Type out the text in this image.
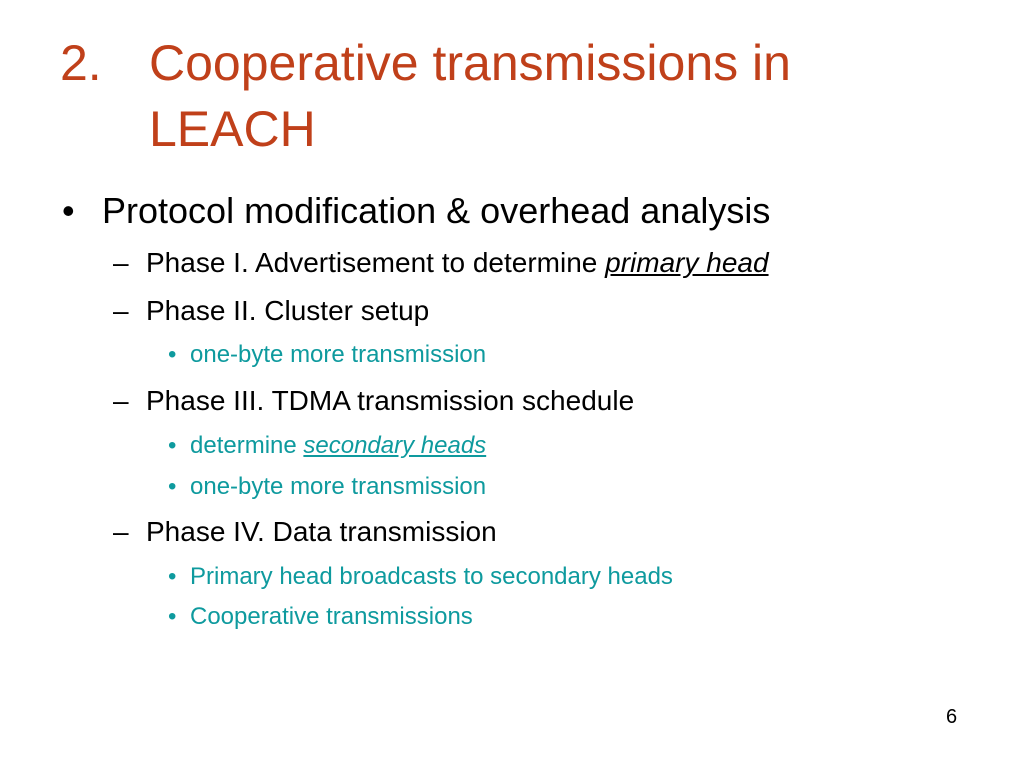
2. Cooperative transmissions in
LEACH
• Protocol modification & overhead analysis
– Phase I. Advertisement to determine primary head
– Phase II. Cluster setup
• one-byte more transmission
– Phase III. TDMA transmission schedule
• determine secondary heads
• one-byte more transmission
– Phase IV. Data transmission
• Primary head broadcasts to secondary heads
• Cooperative transmissions
6
